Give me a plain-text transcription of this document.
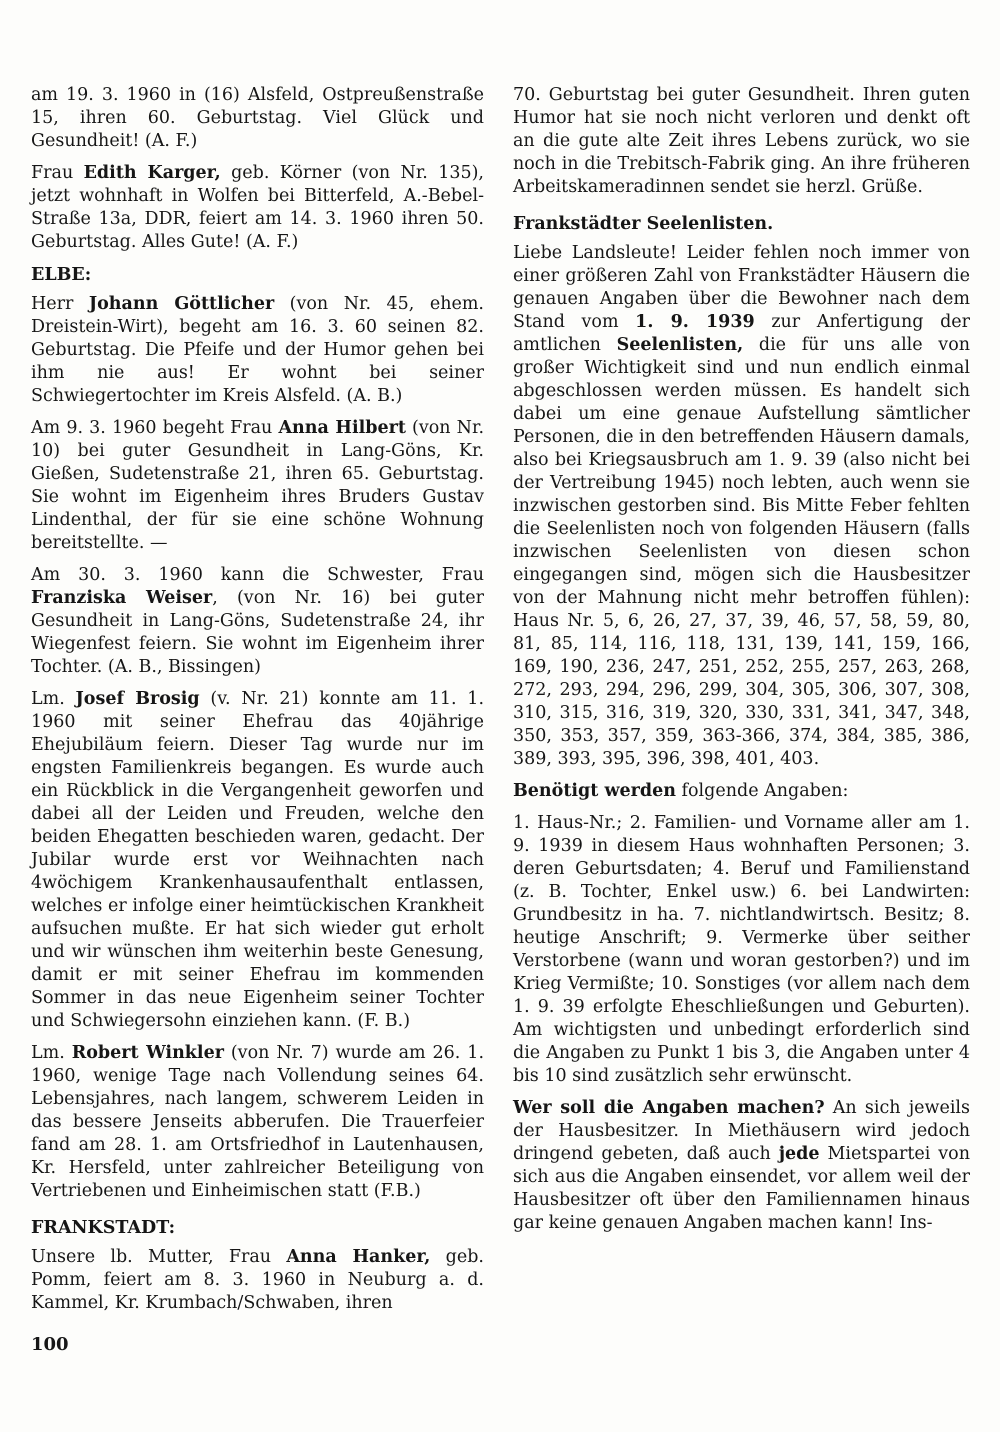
am 19. 3. 1960 in (16) Alsfeld, Ostpreußenstraße 15, ihren 60. Geburtstag. Viel Glück und Gesundheit! (A. F.)

Frau Edith Karger, geb. Körner (von Nr. 135), jetzt wohnhaft in Wolfen bei Bitterfeld, A.-Bebel-Straße 13a, DDR, feiert am 14. 3. 1960 ihren 50. Geburtstag. Alles Gute! (A. F.)

ELBE:

Herr Johann Göttlicher (von Nr. 45, ehem. Dreistein-Wirt), begeht am 16. 3. 60 seinen 82. Geburtstag. Die Pfeife und der Humor gehen bei ihm nie aus! Er wohnt bei seiner Schwiegertochter im Kreis Alsfeld. (A. B.)

Am 9. 3. 1960 begeht Frau Anna Hilbert (von Nr. 10) bei guter Gesundheit in Lang-Göns, Kr. Gießen, Sudetenstraße 21, ihren 65. Geburtstag. Sie wohnt im Eigenheim ihres Bruders Gustav Lindenthal, der für sie eine schöne Wohnung bereitstellte. —

Am 30. 3. 1960 kann die Schwester, Frau Franziska Weiser, (von Nr. 16) bei guter Gesundheit in Lang-Göns, Sudetenstraße 24, ihr Wiegenfest feiern. Sie wohnt im Eigenheim ihrer Tochter. (A. B., Bissingen)

Lm. Josef Brosig (v. Nr. 21) konnte am 11. 1. 1960 mit seiner Ehefrau das 40jährige Ehejubiläum feiern. Dieser Tag wurde nur im engsten Familienkreis begangen. Es wurde auch ein Rückblick in die Vergangenheit geworfen und dabei all der Leiden und Freuden, welche den beiden Ehegatten beschieden waren, gedacht. Der Jubilar wurde erst vor Weihnachten nach 4wöchigem Krankenhausaufenthalt entlassen, welches er infolge einer heimtückischen Krankheit aufsuchen mußte. Er hat sich wieder gut erholt und wir wünschen ihm weiterhin beste Genesung, damit er mit seiner Ehefrau im kommenden Sommer in das neue Eigenheim seiner Tochter und Schwiegersohn einziehen kann. (F. B.)

Lm. Robert Winkler (von Nr. 7) wurde am 26. 1. 1960, wenige Tage nach Vollendung seines 64. Lebensjahres, nach langem, schwerem Leiden in das bessere Jenseits abberufen. Die Trauerfeier fand am 28. 1. am Ortsfriedhof in Lautenhausen, Kr. Hersfeld, unter zahlreicher Beteiligung von Vertriebenen und Einheimischen statt (F.B.)

FRANKSTADT:

Unsere lb. Mutter, Frau Anna Hanker, geb. Pomm, feiert am 8. 3. 1960 in Neuburg a. d. Kammel, Kr. Krumbach/Schwaben, ihren

70. Geburtstag bei guter Gesundheit. Ihren guten Humor hat sie noch nicht verloren und denkt oft an die gute alte Zeit ihres Lebens zurück, wo sie noch in die Trebitsch-Fabrik ging. An ihre früheren Arbeitskameradinnen sendet sie herzl. Grüße.

Frankstädter Seelenlisten.

Liebe Landsleute! Leider fehlen noch immer von einer größeren Zahl von Frankstädter Häusern die genauen Angaben über die Bewohner nach dem Stand vom 1. 9. 1939 zur Anfertigung der amtlichen Seelenlisten, die für uns alle von großer Wichtigkeit sind und nun endlich einmal abgeschlossen werden müssen. Es handelt sich dabei um eine genaue Aufstellung sämtlicher Personen, die in den betreffenden Häusern damals, also bei Kriegsausbruch am 1. 9. 39 (also nicht bei der Vertreibung 1945) noch lebten, auch wenn sie inzwischen gestorben sind. Bis Mitte Feber fehlten die Seelenlisten noch von folgenden Häusern (falls inzwischen Seelenlisten von diesen schon eingegangen sind, mögen sich die Hausbesitzer von der Mahnung nicht mehr betroffen fühlen): Haus Nr. 5, 6, 26, 27, 37, 39, 46, 57, 58, 59, 80, 81, 85, 114, 116, 118, 131, 139, 141, 159, 166, 169, 190, 236, 247, 251, 252, 255, 257, 263, 268, 272, 293, 294, 296, 299, 304, 305, 306, 307, 308, 310, 315, 316, 319, 320, 330, 331, 341, 347, 348, 350, 353, 357, 359, 363-366, 374, 384, 385, 386, 389, 393, 395, 396, 398, 401, 403.

Benötigt werden folgende Angaben:

1. Haus-Nr.; 2. Familien- und Vorname aller am 1. 9. 1939 in diesem Haus wohnhaften Personen; 3. deren Geburtsdaten; 4. Beruf und Familienstand (z. B. Tochter, Enkel usw.) 6. bei Landwirten: Grundbesitz in ha. 7. nichtlandwirtsch. Besitz; 8. heutige Anschrift; 9. Vermerke über seither Verstorbene (wann und woran gestorben?) und im Krieg Vermißte; 10. Sonstiges (vor allem nach dem 1. 9. 39 erfolgte Eheschließungen und Geburten). Am wichtigsten und unbedingt erforderlich sind die Angaben zu Punkt 1 bis 3, die Angaben unter 4 bis 10 sind zusätzlich sehr erwünscht.

Wer soll die Angaben machen? An sich jeweils der Hausbesitzer. In Miethäusern wird jedoch dringend gebeten, daß auch jede Mietspartei von sich aus die Angaben einsendet, vor allem weil der Hausbesitzer oft über den Familiennamen hinaus gar keine genauen Angaben machen kann! Ins-

100
